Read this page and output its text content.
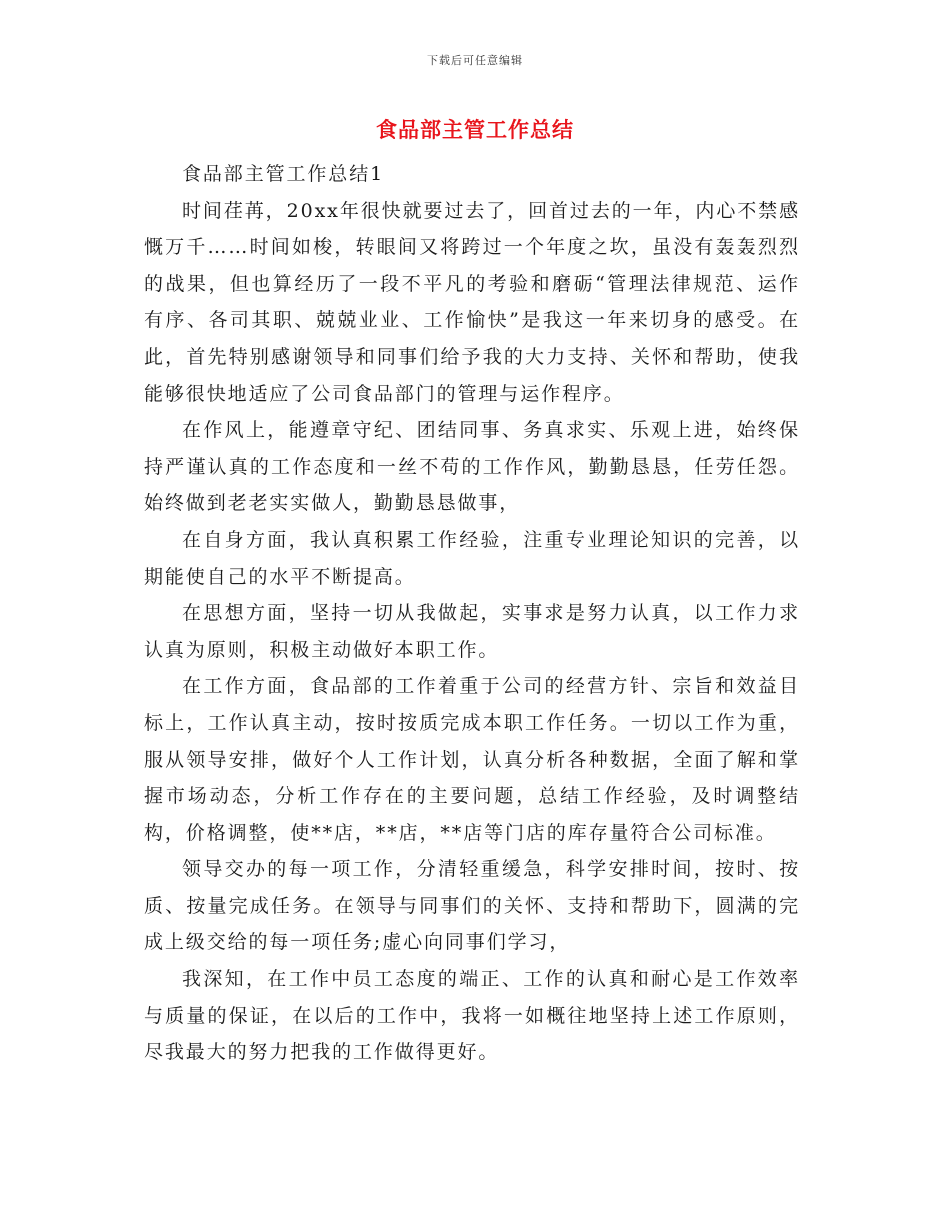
下载后可任意编辑
食品部主管工作总结

食品部主管工作总结1

时间荏苒，20xx年很快就要过去了，回首过去的一年，内心不禁感慨万千……时间如梭，转眼间又将跨过一个年度之坎，虽没有轰轰烈烈的战果，但也算经历了一段不平凡的考验和磨砺“管理法律规范、运作有序、各司其职、兢兢业业、工作愉快”是我这一年来切身的感受。在此，首先特别感谢领导和同事们给予我的大力支持、关怀和帮助，使我能够很快地适应了公司食品部门的管理与运作程序。

在作风上，能遵章守纪、团结同事、务真求实、乐观上进，始终保持严谨认真的工作态度和一丝不苟的工作作风，勤勤恳恳，任劳任怨。始终做到老老实实做人，勤勤恳恳做事，

在自身方面，我认真积累工作经验，注重专业理论知识的完善，以期能使自己的水平不断提高。

在思想方面，坚持一切从我做起，实事求是努力认真，以工作力求认真为原则，积极主动做好本职工作。

在工作方面，食品部的工作着重于公司的经营方针、宗旨和效益目标上，工作认真主动，按时按质完成本职工作任务。一切以工作为重，服从领导安排，做好个人工作计划，认真分析各种数据，全面了解和掌握市场动态，分析工作存在的主要问题，总结工作经验，及时调整结构，价格调整，使**店，**店，**店等门店的库存量符合公司标准。

领导交办的每一项工作，分清轻重缓急，科学安排时间，按时、按质、按量完成任务。在领导与同事们的关怀、支持和帮助下，圆满的完成上级交给的每一项任务;虚心向同事们学习，

我深知，在工作中员工态度的端正、工作的认真和耐心是工作效率与质量的保证，在以后的工作中，我将一如概往地坚持上述工作原则，尽我最大的努力把我的工作做得更好。
